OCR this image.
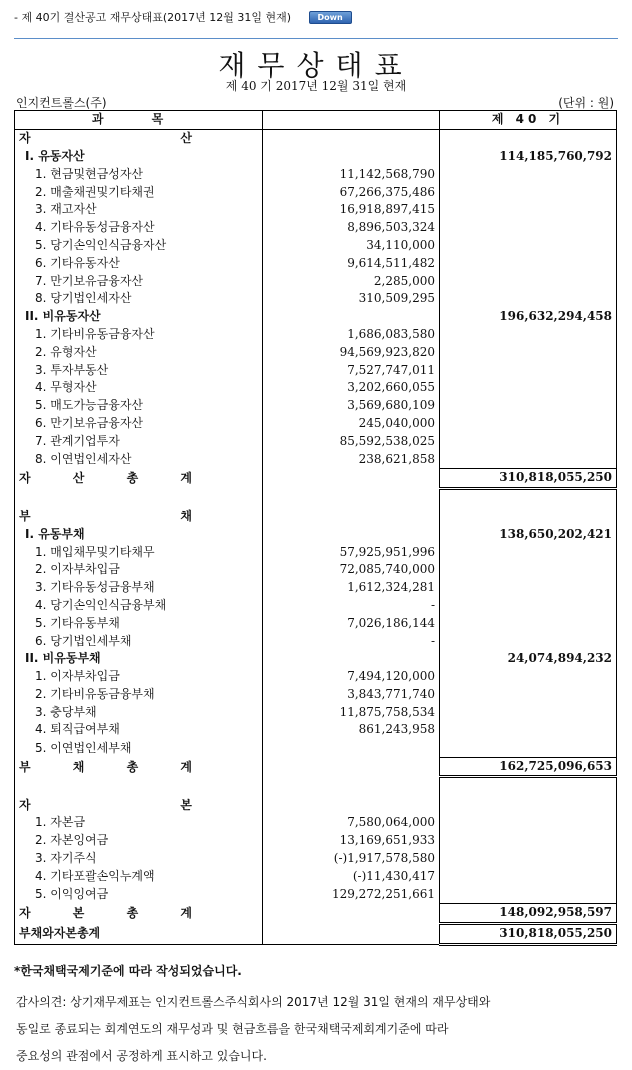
- 제 40기 결산공고 재무상태표(2017년 12월 31일 현재)	Down
재무상태표
제 40 기 2017년 12월 31일 현재
인지컨트롤스(주)	(단위 : 원)
과 목		제 40 기
자 산		
I. 유동자산		114,185,760,792
1. 현금및현금성자산	11,142,568,790	
2. 매출채권및기타채권	67,266,375,486	
3. 재고자산	16,918,897,415	
4. 기타유동성금융자산	8,896,503,324	
5. 당기손익인식금융자산	34,110,000	
6. 기타유동자산	9,614,511,482	
7. 만기보유금융자산	2,285,000	
8. 당기법인세자산	310,509,295	
II. 비유동자산		196,632,294,458
1. 기타비유동금융자산	1,686,083,580	
2. 유형자산	94,569,923,820	
3. 투자부동산	7,527,747,011	
4. 무형자산	3,202,660,055	
5. 매도가능금융자산	3,569,680,109	
6. 만기보유금융자산	245,040,000	
7. 관계기업투자	85,592,538,025	
8. 이연법인세자산	238,621,858	
자 산 총 계		310,818,055,250

부 채		
I. 유동부채		138,650,202,421
1. 매입채무및기타채무	57,925,951,996	
2. 이자부차입금	72,085,740,000	
3. 기타유동성금융부채	1,612,324,281	
4. 당기손익인식금융부채	-	
5. 기타유동부채	7,026,186,144	
6. 당기법인세부채	-	
II. 비유동부채		24,074,894,232
1. 이자부차입금	7,494,120,000	
2. 기타비유동금융부채	3,843,771,740	
3. 충당부채	11,875,758,534	
4. 퇴직급여부채	861,243,958	
5. 이연법인세부채		
부 채 총 계		162,725,096,653

자 본		
1. 자본금	7,580,064,000	
2. 자본잉여금	13,169,651,933	
3. 자기주식	(-)1,917,578,580	
4. 기타포괄손익누계액	(-)11,430,417	
5. 이익잉여금	129,272,251,661	
자 본 총 계		148,092,958,597
부채와자본총계		310,818,055,250
*한국채택국제기준에 따라 작성되었습니다.
감사의견: 상기재무제표는 인지컨트롤스주식회사의 2017년 12월 31일 현재의 재무상태와
동일로 종료되는 회계연도의 재무성과 및 현금흐름을 한국채택국제회계기준에 따라
중요성의 관점에서 공정하게 표시하고 있습니다.
